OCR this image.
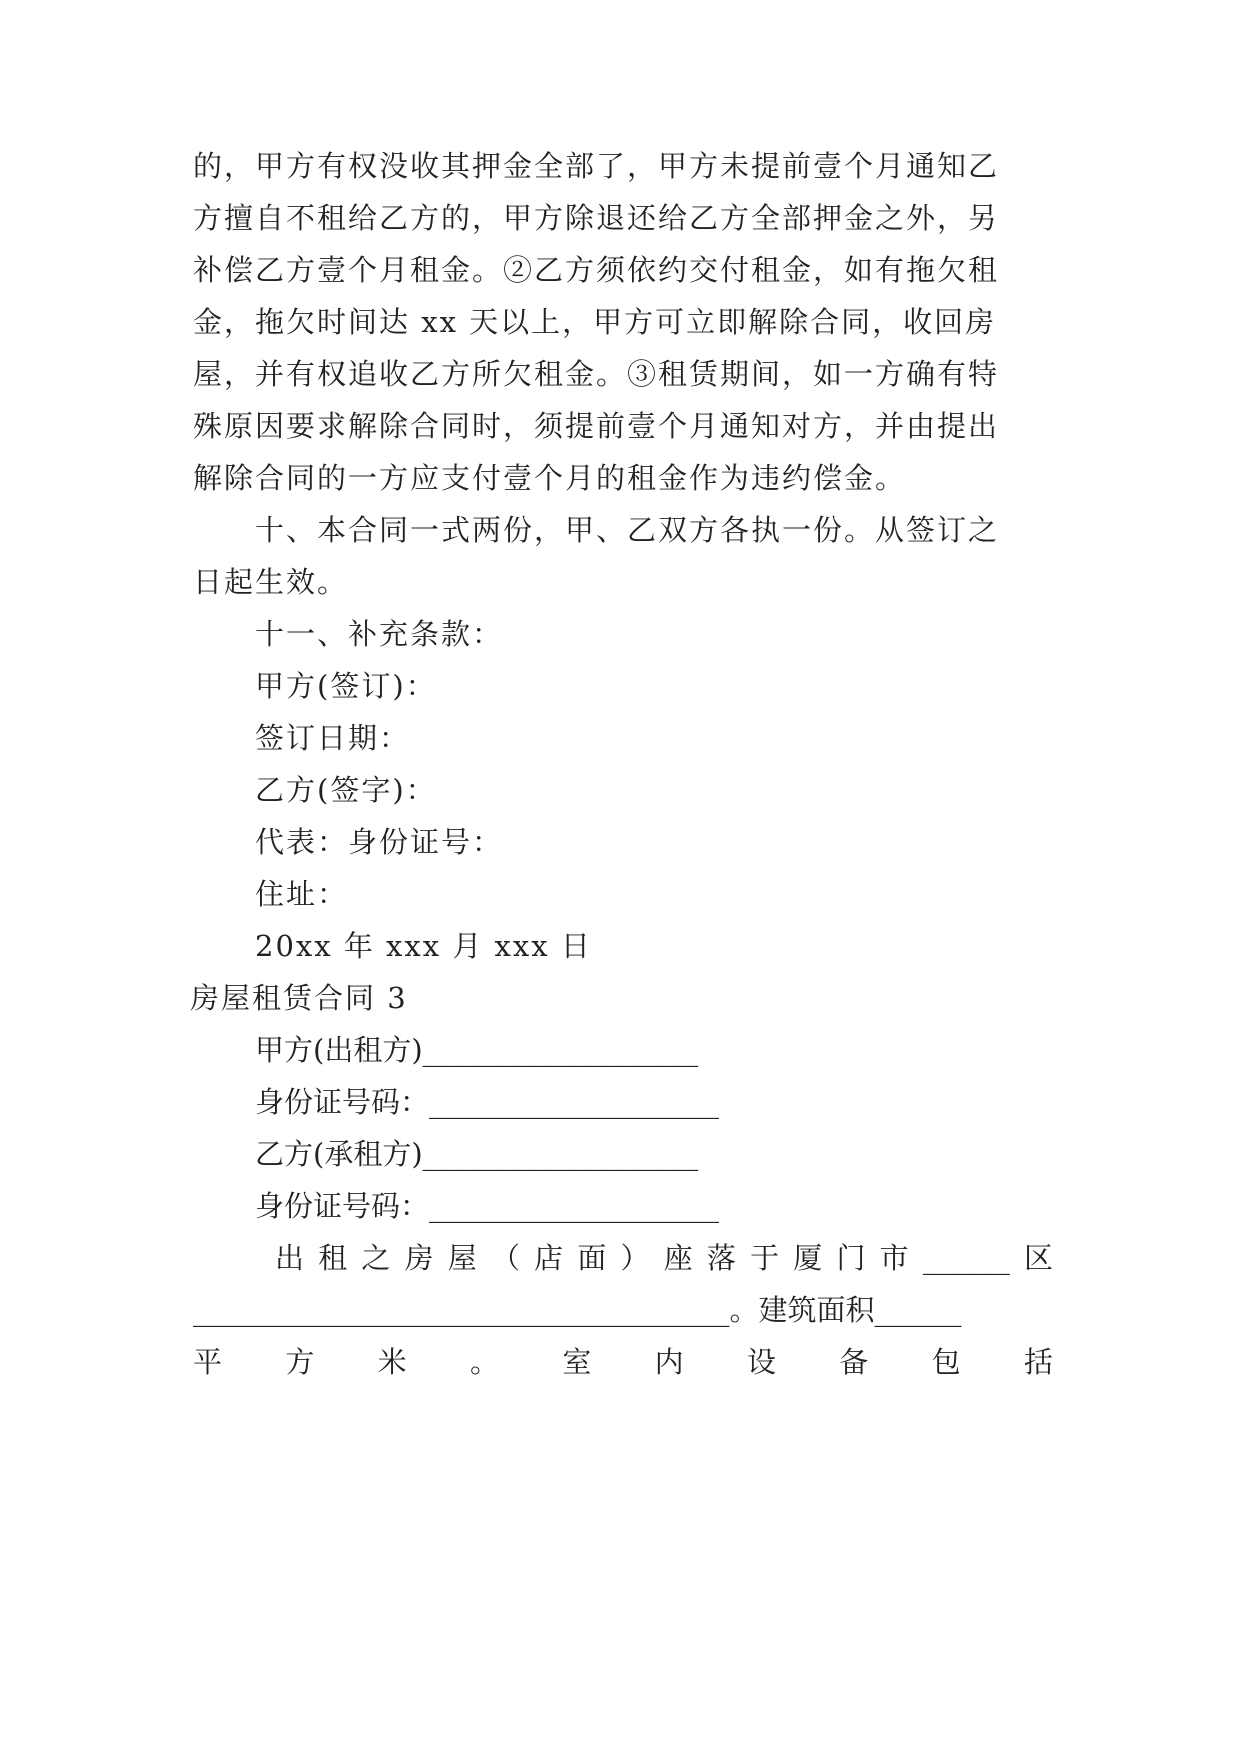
的，甲方有权没收其押金全部了，甲方未提前壹个月通知乙
方擅自不租给乙方的，甲方除退还给乙方全部押金之外，另
补偿乙方壹个月租金。②乙方须依约交付租金，如有拖欠租
金，拖欠时间达 xx 天以上，甲方可立即解除合同，收回房
屋，并有权追收乙方所欠租金。③租赁期间，如一方确有特
殊原因要求解除合同时，须提前壹个月通知对方，并由提出
解除合同的一方应支付壹个月的租金作为违约偿金。
十、本合同一式两份，甲、乙双方各执一份。从签订之
日起生效。
十一、补充条款：
甲方(签订)：
签订日期：
乙方(签字)：
代表：身份证号：
住址：
20xx 年 xxx 月 xxx 日
房屋租赁合同 3
甲方(出租方)___________________
身份证号码：____________________
乙方(承租方)___________________
身份证号码：____________________
出 租 之 房 屋 （ 店 面 ） 座 落 于 厦 门 市 ______ 区
_____________________________________。建筑面积______
平 方 米 。 室 内 设 备 包 括
